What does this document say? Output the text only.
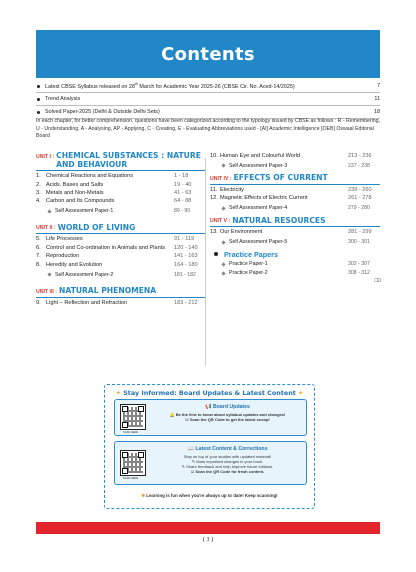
Contents
Latest CBSE Syllabus released on 28th March for Academic Year 2025-26 (CBSE Cir. No. Aced-14/2025)	7
Trend Analysis	11
Solved Paper-2025 (Delhi & Outside Delhi Sets)	18

In each chapter, for better comprehension, questions have been categorized according to the typology issued by CBSE as follows : R - Remembering, U - Understanding, A - Analysing, AP - Applying, C - Creating, E - Evaluating Abbreviations used - [AI] Academic Intelligence [OEB] Oswaal Editorial Board

UNIT I : CHEMICAL SUBSTANCES : NATURE AND BEHAVIOUR
1. Chemical Reactions and Equations	1 - 18
2. Acids, Bases and Salts	19 - 40
3. Metals and Non-Metals	41 - 63
4. Carbon and Its Compounds	64 - 88
Self Assessment Paper-1	89 - 90
UNIT II : WORLD OF LIVING
5. Life Processes	91 - 119
6. Control and Co-ordination in Animals and Plants	120 - 140
7. Reproduction	141 - 163
8. Heredity and Evolution	164 - 180
Self Assessment Paper-2	181 - 182
UNIT III : NATURAL PHENOMENA
9. Light – Reflection and Refraction	183 - 212
10. Human Eye and Colourful World	213 - 236
Self Assessment Paper-3	237 - 238
UNIT IV : EFFECTS OF CURRENT
11. Electricity	239 - 260
12. Magnetic Effects of Electric Current	261 - 278
Self Assessment Paper-4	279 - 280
UNIT V : NATURAL RESOURCES
13. Our Environment	281 - 299
Self Assessment Paper-5	300 - 301
Practice Papers
Practice Paper-1	302 - 307
Practice Paper-2	308 - 312
□□
✦ Stay Informed: Board Updates & Latest Content ✦
SCAN HERE
📢 Board Updates
🔔 Be the first to know about syllabus updates and changes!
☑ Scan the QR Code to get the latest scoop!
SCAN HERE
📖 Latest Content & Corrections
Stay on top of your studies with updated material!
✎ Mark important changes in your book.
✎ Share feedback and help improve future editions.
☑ Scan the QR Code for fresh content.
✹ Learning is fun when you're always up to date! Keep scanning!
( 3 )
